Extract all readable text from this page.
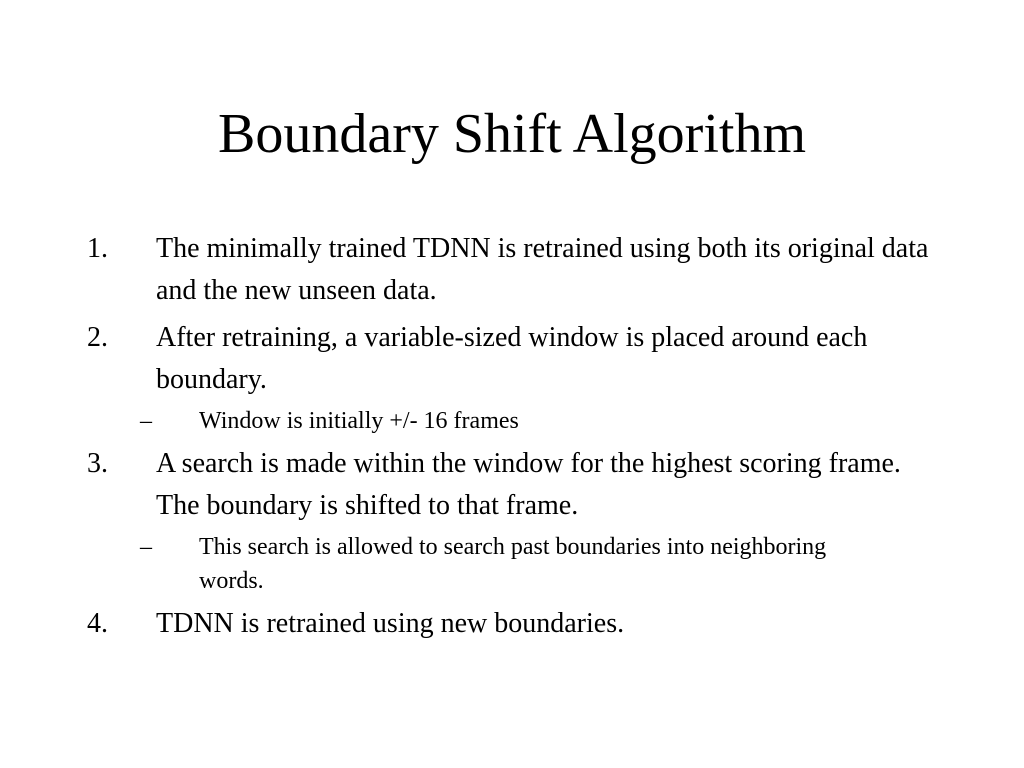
Boundary Shift Algorithm
1. The minimally trained TDNN is retrained using both its original data and the new unseen data.
2. After retraining, a variable-sized window is placed around each boundary.
– Window is initially +/- 16 frames
3. A search is made within the window for the highest scoring frame. The boundary is shifted to that frame.
– This search is allowed to search past boundaries into neighboring words.
4. TDNN is retrained using new boundaries.
